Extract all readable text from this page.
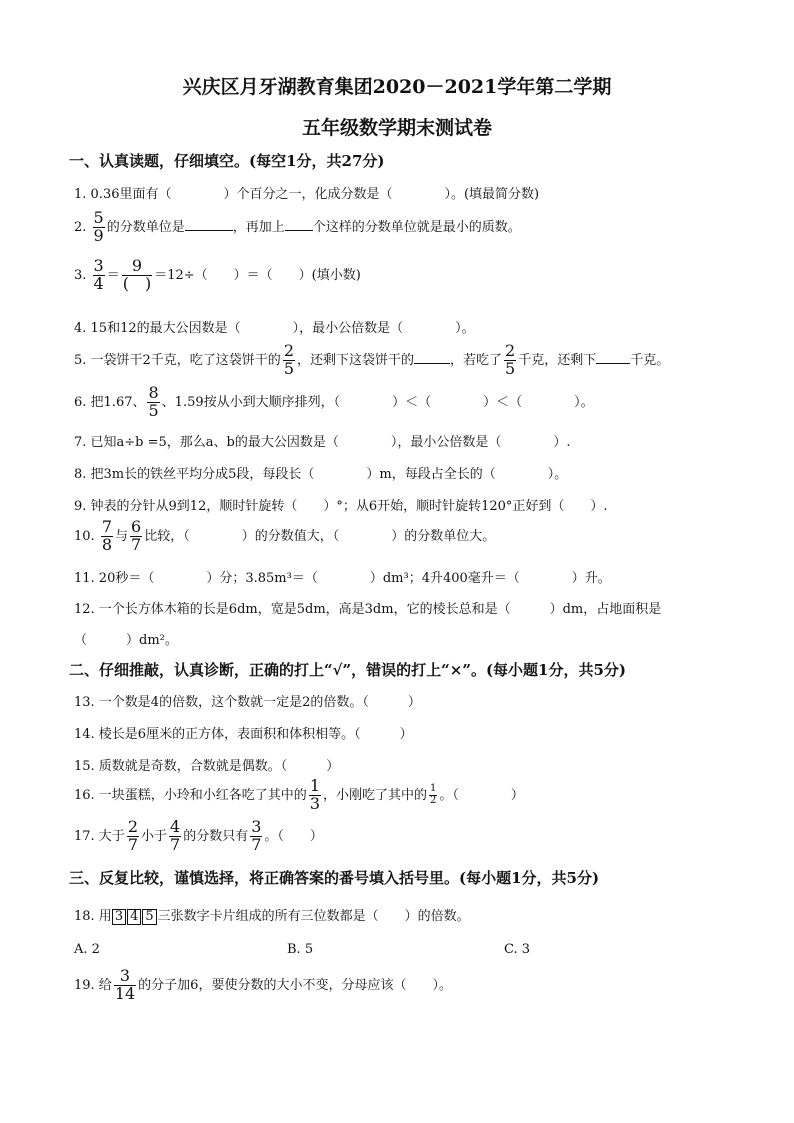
兴庆区月牙湖教育集团2020－2021学年第二学期
五年级数学期末测试卷
一、认真读题，仔细填空。(每空1分，共27分)
1. 0.36里面有（　　　　）个百分之一，化成分数是（　　　　）。(填最简分数)
2. $\frac{5}{9}$ 的分数单位是	，再加上 个这样的分数单位就是最小的质数。
3. $\frac{3}{4} = \frac{9}{( )} =12\div$（　　）＝（　　）(填小数)
4. 15和12的最大公因数是（　　　　），最小公倍数是（　　　　）。
5. 一袋饼干2千克，吃了这袋饼干的 $\frac{2}{5}$ ，还剩下这袋饼干的	，若吃了 $\frac{2}{5}$ 千克，还剩下	千克。
6. 把1.67、 $\frac{8}{5}$ 、1.59按从小到大顺序排列，（　　　　）＜（　　　　）＜（　　　　）。
7. 已知a÷b =5，那么a、b的最大公因数是（　　　　），最小公倍数是（　　　　）.
8. 把3m长的铁丝平均分成5段，每段长（　　　　）m，每段占全长的（　　　　）。
9. 钟表的分针从9到12，顺时针旋转（　　）°；从6开始，顺时针旋转120°正好到（　　）.
10. $\frac{7}{8}$ 与 $\frac{6}{7}$ 比较，（　　　　）的分数值大，（　　　　）的分数单位大。
11. 20秒＝（　　　　）分；3.85m³＝（　　　　）dm³；4升400毫升＝（　　　　）升。
12. 一个长方体木箱的长是6dm，宽是5dm，高是3dm，它的棱长总和是（　　　）dm，占地面积是
（　　　）dm²。
二、仔细推敲，认真诊断，正确的打上“√”，错误的打上“×”。(每小题1分，共5分)
13. 一个数是4的倍数，这个数就一定是2的倍数。（　　　）
14. 棱长是6厘米的正方体，表面积和体积相等。（　　　）
15. 质数就是奇数，合数就是偶数。（　　　）
16. 一块蛋糕，小玲和小红各吃了其中的 $\frac{1}{3}$ ，小刚吃了其中的 $\frac{1}{2}$ 。（　　　　）
17. 大于 $\frac{2}{7}$ 小于 $\frac{4}{7}$ 的分数只有 $\frac{3}{7}$ 。（　　）
三、反复比较，谨慎选择，将正确答案的番号填入括号里。(每小题1分，共5分)
18. 用 3 4 5 三张数字卡片组成的所有三位数都是（　　）的倍数。
A. 2	B. 5	C. 3
19. 给 $\frac{3}{14}$ 的分子加6，要使分数的大小不变，分母应该（　　）。
